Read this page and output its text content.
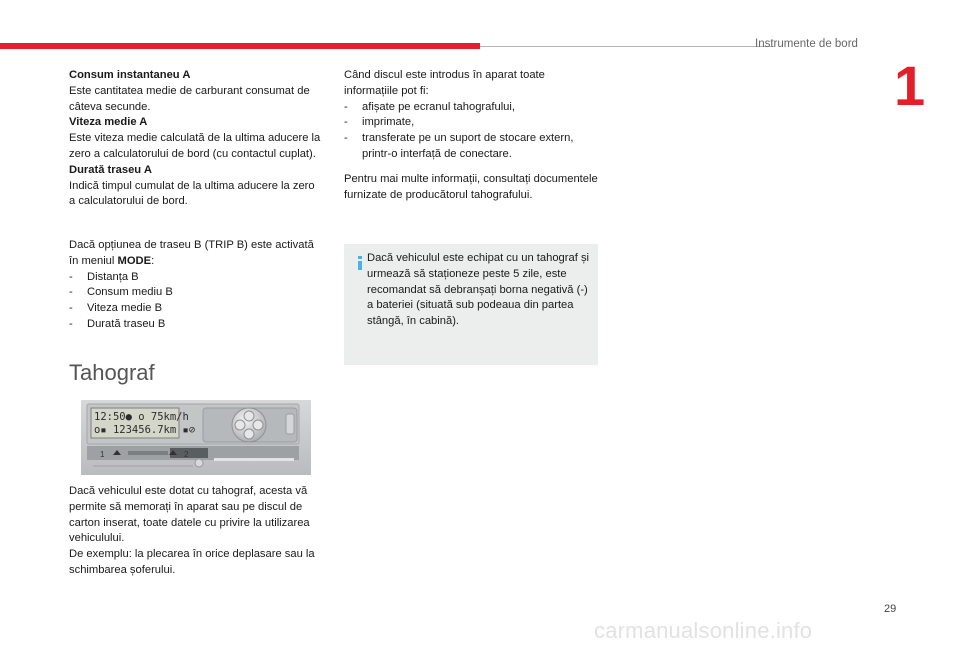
Instrumente de bord
1

Consum instantaneu A

Este cantitatea medie de carburant consumat de câteva secunde.

Viteza medie A

Este viteza medie calculată de la ultima aducere la zero a calculatorului de bord (cu contactul cuplat).

Durată traseu A

Indică timpul cumulat de la ultima aducere la zero a calculatorului de bord.

Dacă opțiunea de traseu B (TRIP B) este activată în meniul MODE:

-	Distanța B
-	Consum mediu B
-	Viteza medie B
-	Durată traseu B
Tahograf
12:50● o 75km/h
o▪ 123456.7km ▪⊘
1	2

Dacă vehiculul este dotat cu tahograf, acesta vă permite să memorați în aparat sau pe discul de carton inserat, toate datele cu privire la utilizarea vehiculului.

De exemplu: la plecarea în orice deplasare sau la schimbarea șoferului.

Când discul este introdus în aparat toate informațiile pot fi:

-	afișate pe ecranul tahografului,
-	imprimate,
-	transferate pe un suport de stocare extern, printr-o interfață de conectare.
Pentru mai multe informații, consultați documentele furnizate de producătorul tahografului.
Dacă vehiculul este echipat cu un tahograf și urmează să staționeze peste 5 zile, este recomandat să debranșați borna negativă (-) a bateriei (situată sub podeaua din partea stângă, în cabină).
29
carmanualsonline.info
